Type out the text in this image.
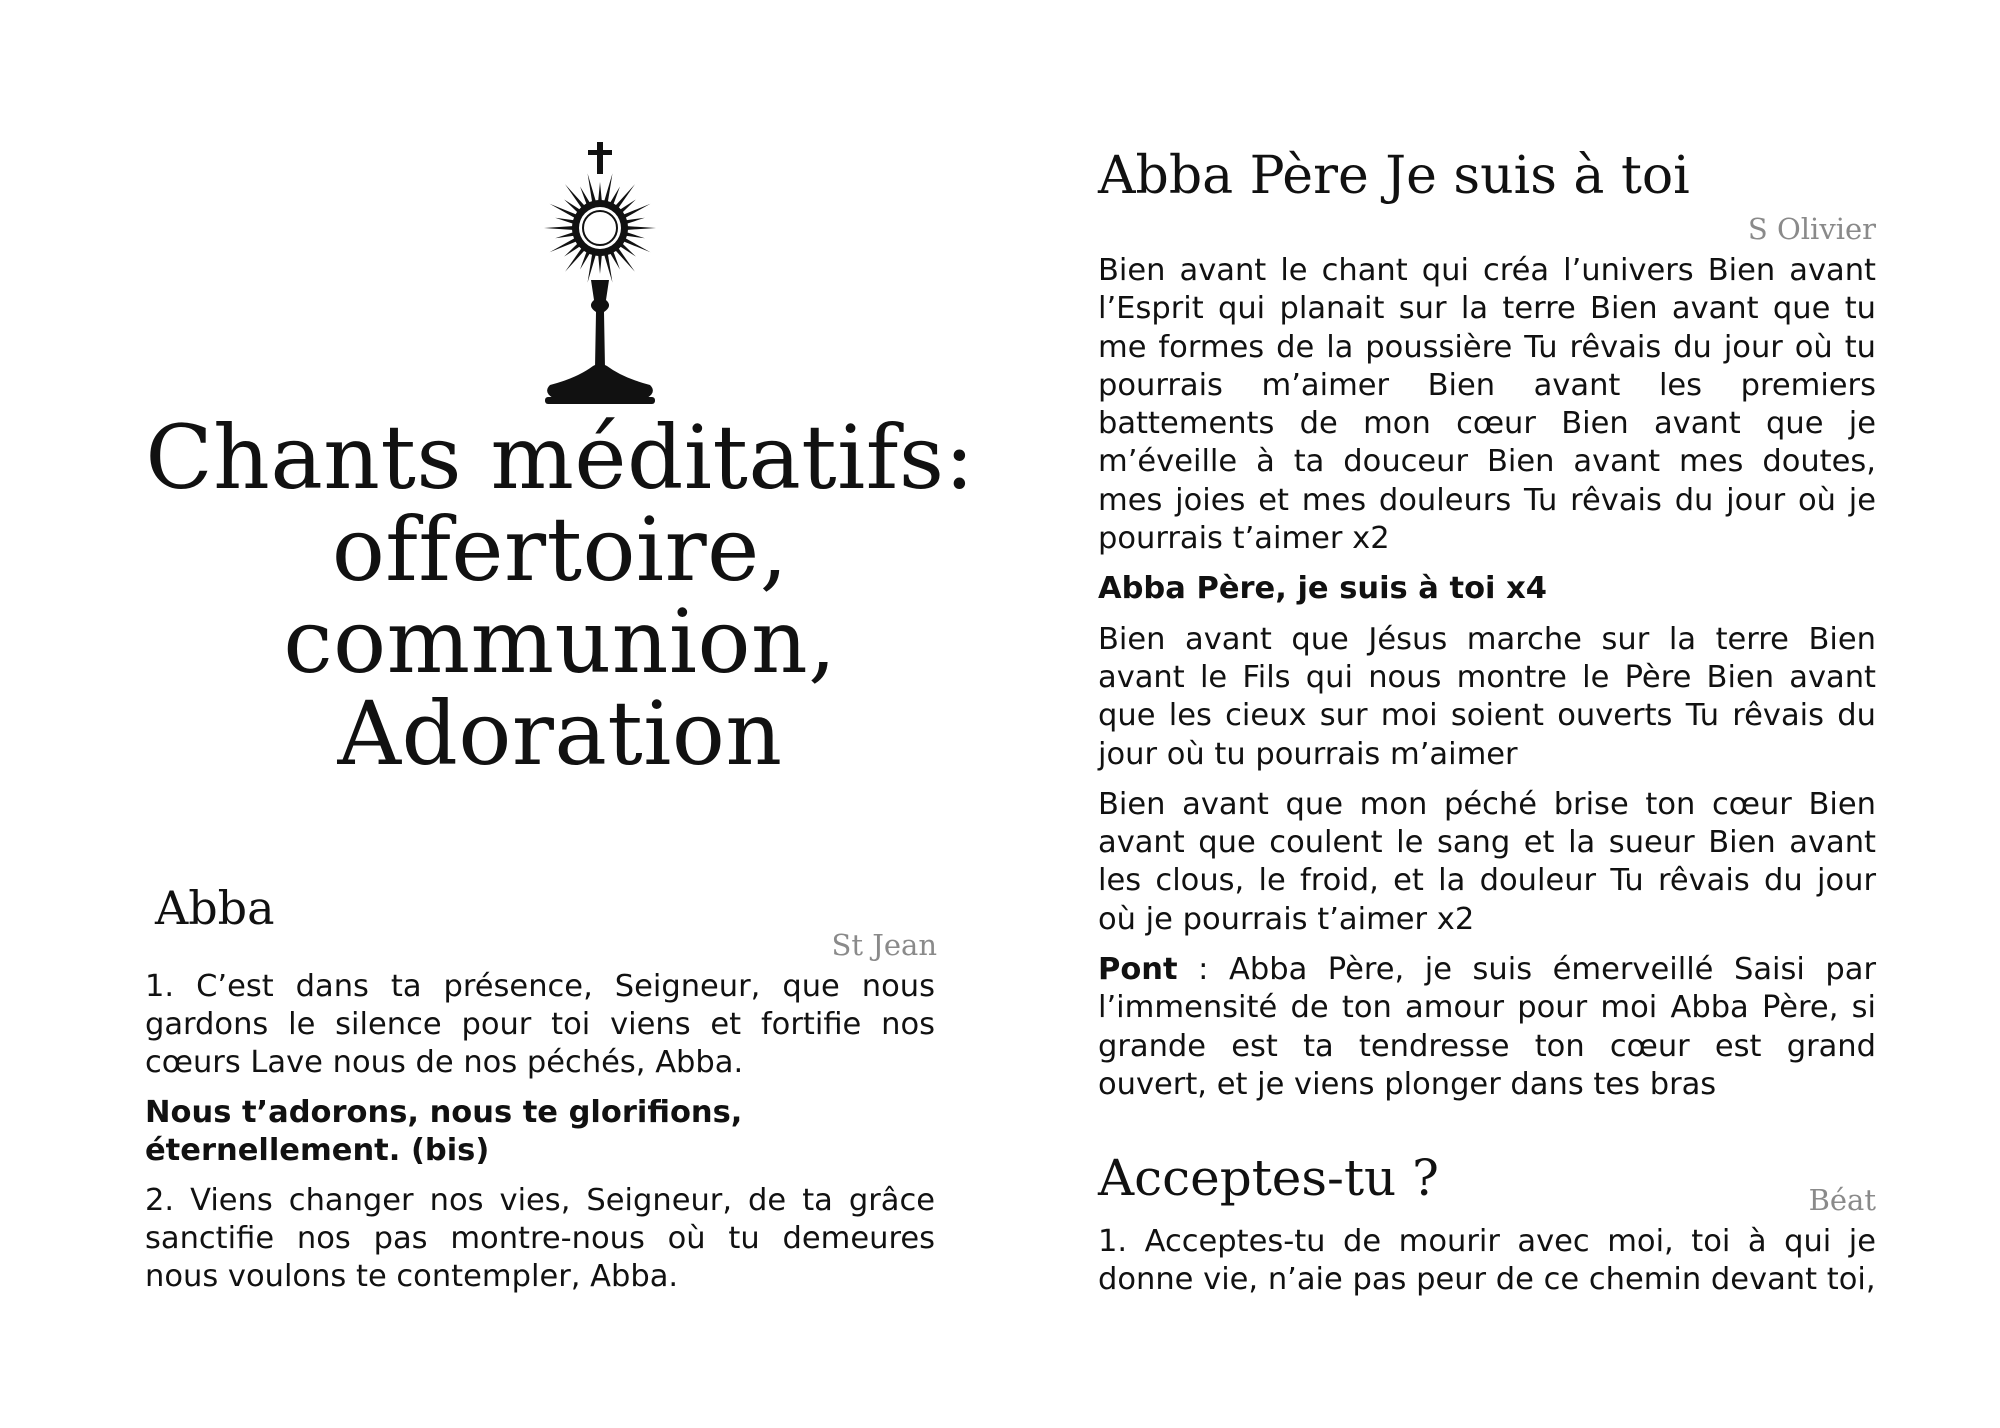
Chants méditatifs:
offertoire,
communion,
Adoration
Abba
St Jean

1. C’est dans ta présence, Seigneur, que nous gardons le silence pour toi viens et fortifie nos cœurs Lave nous de nos péchés, Abba.

Nous t’adorons, nous te glorifions,
éternellement. (bis)

2. Viens changer nos vies, Seigneur, de ta grâce sanctifie nos pas montre-nous où tu demeures nous voulons te contempler, Abba.

Abba Père Je suis à toi
S Olivier

Bien avant le chant qui créa l’univers Bien avant l’Esprit qui planait sur la terre Bien avant que tu me formes de la poussière Tu rêvais du jour où tu pourrais m’aimer Bien avant les premiers battements de mon cœur Bien avant que je m’éveille à ta douceur Bien avant mes doutes, mes joies et mes douleurs Tu rêvais du jour où je pourrais t’aimer x2

Abba Père, je suis à toi x4

Bien avant que Jésus marche sur la terre Bien avant le Fils qui nous montre le Père Bien avant que les cieux sur moi soient ouverts Tu rêvais du jour où tu pourrais m’aimer

Bien avant que mon péché brise ton cœur Bien avant que coulent le sang et la sueur Bien avant les clous, le froid, et la douleur Tu rêvais du jour où je pourrais t’aimer x2

Pont : Abba Père, je suis émerveillé Saisi par l’immensité de ton amour pour moi Abba Père, si grande est ta tendresse ton cœur est grand ouvert, et je viens plonger dans tes bras

Acceptes-tu ?	Béat

1. Acceptes-tu de mourir avec moi, toi à qui je donne vie, n’aie pas peur de ce chemin devant toi,
